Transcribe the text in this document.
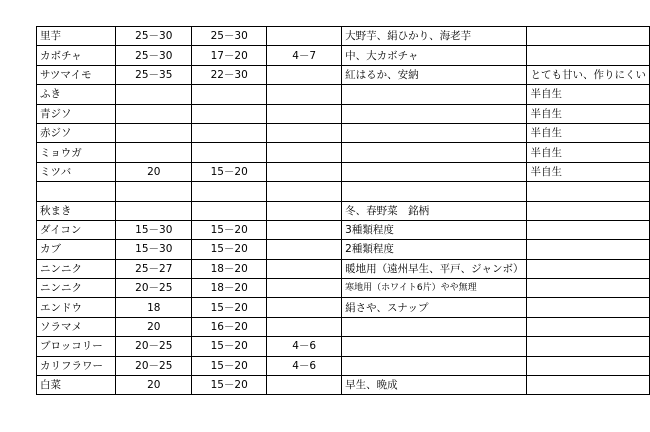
里芋	25－30	25－30		大野芋、絹ひかり、海老芋	
カボチャ	25－30	17－20	4－7	中、大カボチャ	
サツマイモ	25－35	22－30		紅はるか、安納	とても甘い、作りにくい
ふき					半自生
青ジソ					半自生
赤ジソ					半自生
ミョウガ					半自生
ミツバ	20	15－20			半自生

秋まき				冬、春野菜　銘柄	
ダイコン	15－30	15－20		3種類程度	
カブ	15－30	15－20		2種類程度	
ニンニク	25－27	18－20		暖地用（遠州早生、平戸、ジャンボ）	
ニンニク	20－25	18－20		寒地用（ホワイト6片）やや無理	
エンドウ	18	15－20		絹さや、スナップ	
ソラマメ	20	16－20			
ブロッコリー	20－25	15－20	4－6		
カリフラワー	20－25	15－20	4－6		
白菜	20	15－20		早生、晩成	
